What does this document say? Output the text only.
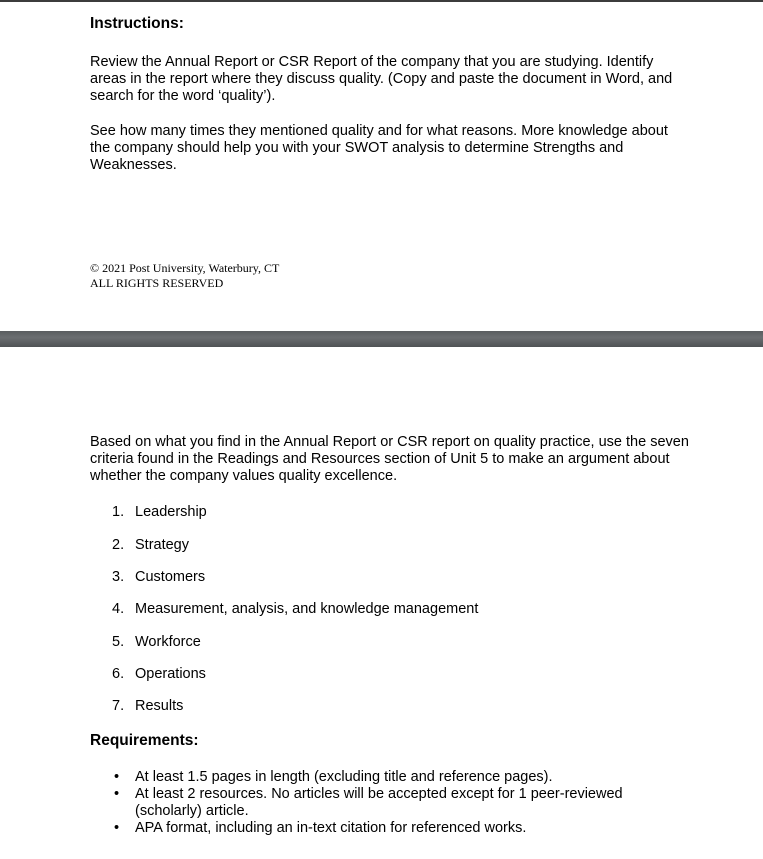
Instructions:

Review the Annual Report or CSR Report of the company that you are studying. Identify areas in the report where they discuss quality. (Copy and paste the document in Word, and search for the word ‘quality’).

See how many times they mentioned quality and for what reasons. More knowledge about the company should help you with your SWOT analysis to determine Strengths and Weaknesses.

© 2021 Post University, Waterbury, CT
ALL RIGHTS RESERVED

Based on what you find in the Annual Report or CSR report on quality practice, use the seven criteria found in the Readings and Resources section of Unit 5 to make an argument about whether the company values quality excellence.

1. Leadership
2. Strategy
3. Customers
4. Measurement, analysis, and knowledge management
5. Workforce
6. Operations
7. Results

Requirements:

• At least 1.5 pages in length (excluding title and reference pages).
• At least 2 resources. No articles will be accepted except for 1 peer-reviewed (scholarly) article.
• APA format, including an in-text citation for referenced works.
